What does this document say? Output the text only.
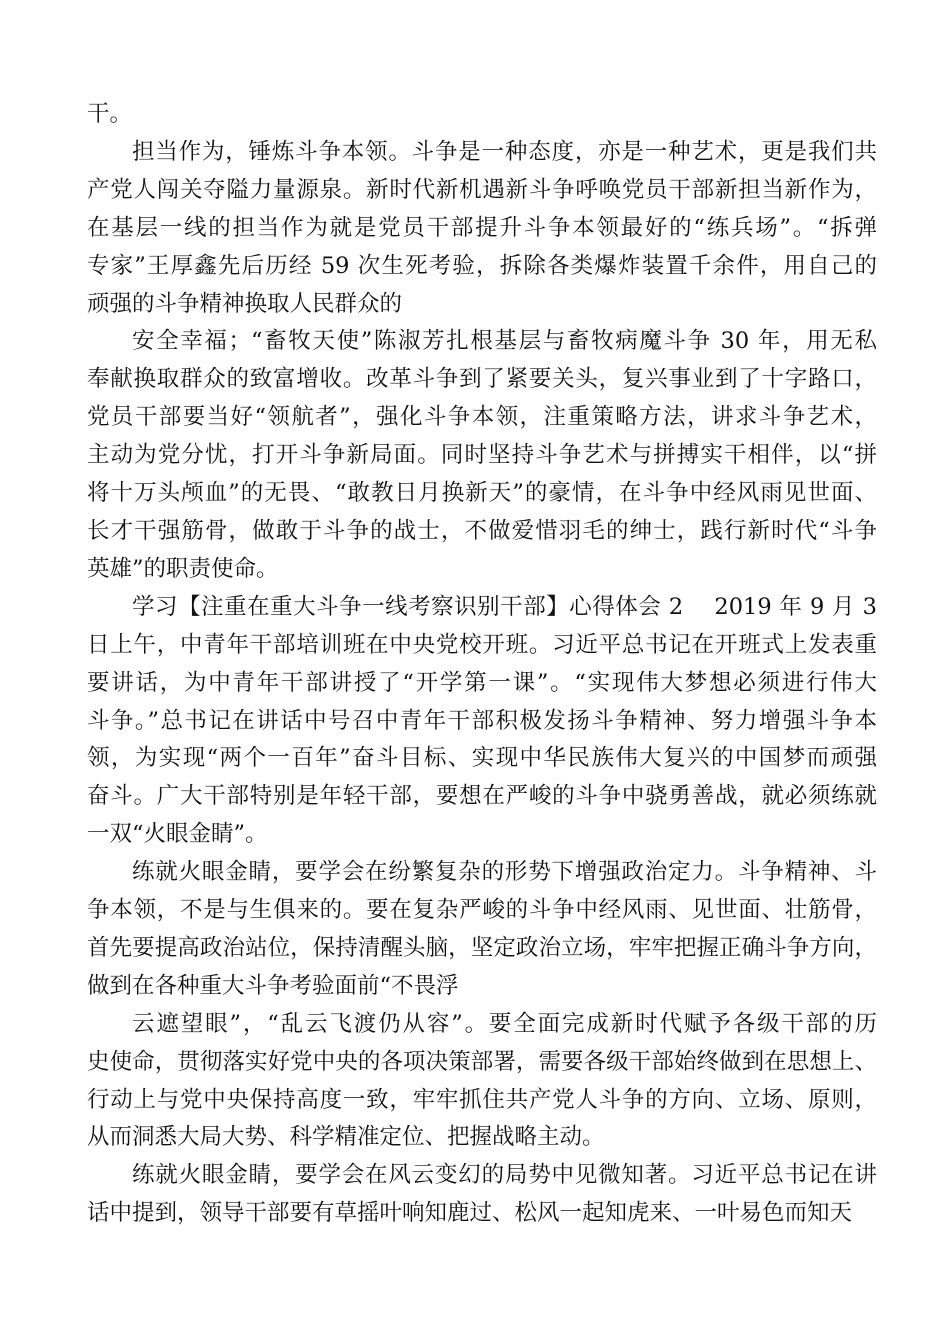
干。
担当作为，锤炼斗争本领。斗争是一种态度，亦是一种艺术，更是我们共
产党人闯关夺隘力量源泉。新时代新机遇新斗争呼唤党员干部新担当新作为，
在基层一线的担当作为就是党员干部提升斗争本领最好的“练兵场”。“拆弹
专家”王厚鑫先后历经 59 次生死考验，拆除各类爆炸装置千余件，用自己的
顽强的斗争精神换取人民群众的
安全幸福；“畜牧天使”陈淑芳扎根基层与畜牧病魔斗争 30 年，用无私
奉献换取群众的致富增收。改革斗争到了紧要关头，复兴事业到了十字路口，
党员干部要当好“领航者”，强化斗争本领，注重策略方法，讲求斗争艺术，
主动为党分忧，打开斗争新局面。同时坚持斗争艺术与拼搏实干相伴，以“拼
将十万头颅血”的无畏、“敢教日月换新天”的豪情，在斗争中经风雨见世面、
长才干强筋骨，做敢于斗争的战士，不做爱惜羽毛的绅士，践行新时代“斗争
英雄”的职责使命。
学习【注重在重大斗争一线考察识别干部】心得体会 2　 2019 年 9 月 3
日上午，中青年干部培训班在中央党校开班。习近平总书记在开班式上发表重
要讲话，为中青年干部讲授了“开学第一课”。“实现伟大梦想必须进行伟大
斗争。”总书记在讲话中号召中青年干部积极发扬斗争精神、努力增强斗争本
领，为实现“两个一百年”奋斗目标、实现中华民族伟大复兴的中国梦而顽强
奋斗。广大干部特别是年轻干部，要想在严峻的斗争中骁勇善战，就必须练就
一双“火眼金睛”。
练就火眼金睛，要学会在纷繁复杂的形势下增强政治定力。斗争精神、斗
争本领，不是与生俱来的。要在复杂严峻的斗争中经风雨、见世面、壮筋骨，
首先要提高政治站位，保持清醒头脑，坚定政治立场，牢牢把握正确斗争方向，
做到在各种重大斗争考验面前“不畏浮
云遮望眼”，“乱云飞渡仍从容”。要全面完成新时代赋予各级干部的历
史使命，贯彻落实好党中央的各项决策部署，需要各级干部始终做到在思想上、
行动上与党中央保持高度一致，牢牢抓住共产党人斗争的方向、立场、原则，
从而洞悉大局大势、科学精准定位、把握战略主动。
练就火眼金睛，要学会在风云变幻的局势中见微知著。习近平总书记在讲
话中提到，领导干部要有草摇叶响知鹿过、松风一起知虎来、一叶易色而知天
